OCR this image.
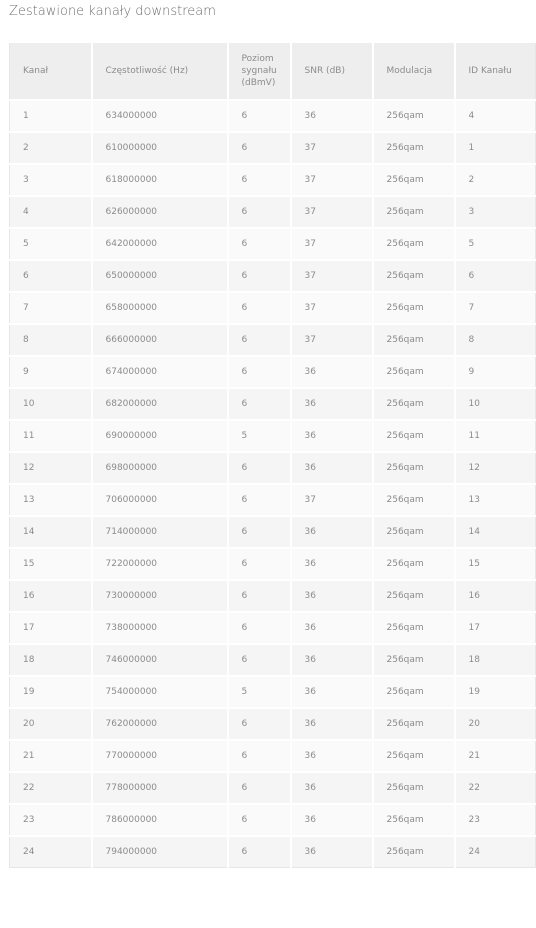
Zestawione kanały downstream
Kanał	Częstotliwość (Hz)	Poziom sygnału (dBmV)	SNR (dB)	Modulacja	ID Kanału
1	634000000	6	36	256qam	4
2	610000000	6	37	256qam	1
3	618000000	6	37	256qam	2
4	626000000	6	37	256qam	3
5	642000000	6	37	256qam	5
6	650000000	6	37	256qam	6
7	658000000	6	37	256qam	7
8	666000000	6	37	256qam	8
9	674000000	6	36	256qam	9
10	682000000	6	36	256qam	10
11	690000000	5	36	256qam	11
12	698000000	6	36	256qam	12
13	706000000	6	37	256qam	13
14	714000000	6	36	256qam	14
15	722000000	6	36	256qam	15
16	730000000	6	36	256qam	16
17	738000000	6	36	256qam	17
18	746000000	6	36	256qam	18
19	754000000	5	36	256qam	19
20	762000000	6	36	256qam	20
21	770000000	6	36	256qam	21
22	778000000	6	36	256qam	22
23	786000000	6	36	256qam	23
24	794000000	6	36	256qam	24
